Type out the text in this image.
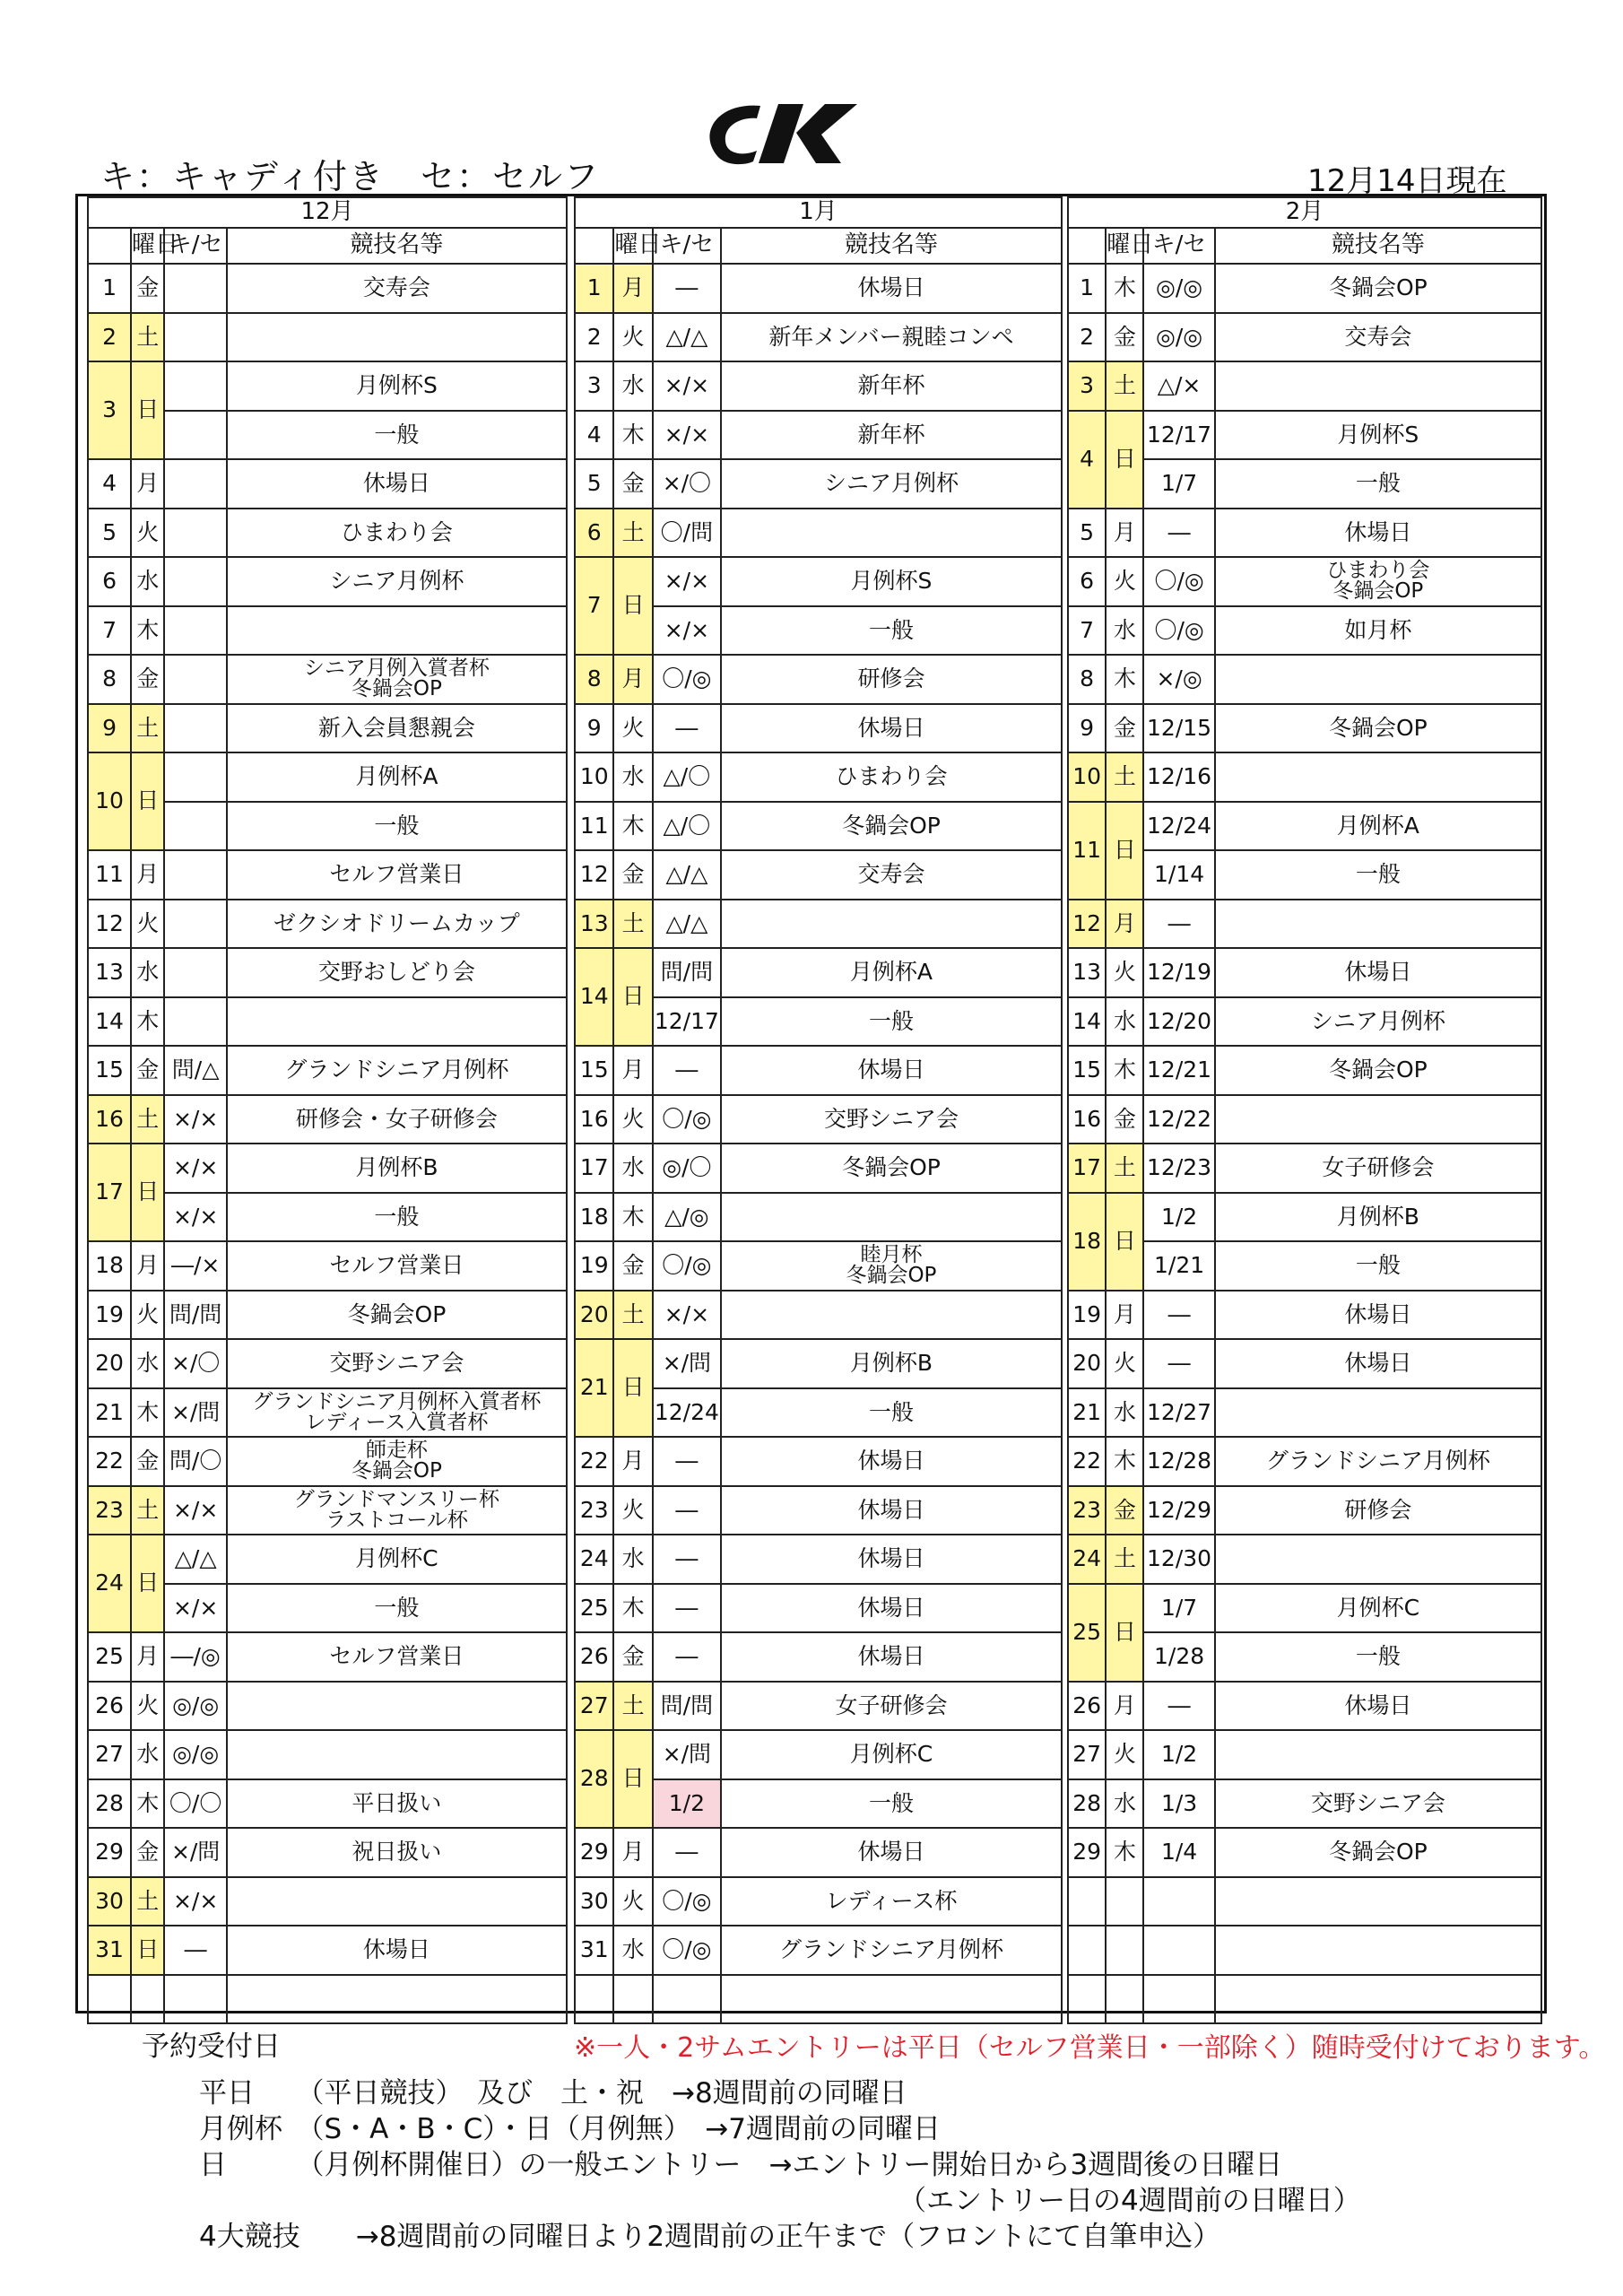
キ：キャディ付き　セ：セルフ	12月14日現在
12月			
	曜日	キ/セ	競技名等
1	金		交寿会
2	土		
3	日		月例杯S
			一般
4	月		休場日
5	火		ひまわり会
6	水		シニア月例杯
7	木		
8	金		シニア月例入賞者杯
冬鍋会OP

9	土		新入会員懇親会
10	日		月例杯A
			一般
11	月		セルフ営業日
12	火		ゼクシオドリームカップ
13	水		交野おしどり会
14	木		
15	金	問/△	グランドシニア月例杯
16	土	×/×	研修会・女子研修会
17	日	×/×	月例杯B
		×/×	一般
18	月	―/×	セルフ営業日
19	火	問/問	冬鍋会OP
20	水	×/〇	交野シニア会
21	木	×/問	グランドシニア月例杯入賞者杯
レディース入賞者杯

22	金	問/〇	師走杯
冬鍋会OP

23	土	×/×	グランドマンスリー杯
ラストコール杯

24	日	△/△	月例杯C
		×/×	一般
25	月	―/◎	セルフ営業日
26	火	◎/◎	
27	水	◎/◎	
28	木	〇/〇	平日扱い
29	金	×/問	祝日扱い
30	土	×/×	
31	日	―	休場日

1月			
	曜日	キ/セ	競技名等
1	月	―	休場日
2	火	△/△	新年メンバー親睦コンペ
3	水	×/×	新年杯
4	木	×/×	新年杯
5	金	×/〇	シニア月例杯
6	土	〇/問	
7	日	×/×	月例杯S
		×/×	一般
8	月	〇/◎	研修会
9	火	―	休場日
10	水	△/〇	ひまわり会
11	木	△/〇	冬鍋会OP
12	金	△/△	交寿会
13	土	△/△	
14	日	問/問	月例杯A
		12/17	一般
15	月	―	休場日
16	火	〇/◎	交野シニア会
17	水	◎/〇	冬鍋会OP
18	木	△/◎	
19	金	〇/◎	睦月杯
冬鍋会OP

20	土	×/×	
21	日	×/問	月例杯B
		12/24	一般
22	月	―	休場日
23	火	―	休場日
24	水	―	休場日
25	木	―	休場日
26	金	―	休場日
27	土	問/問	女子研修会
28	日	×/問	月例杯C
		1/2	一般
29	月	―	休場日
30	火	〇/◎	レディース杯
31	水	〇/◎	グランドシニア月例杯

2月			
	曜日	キ/セ	競技名等
1	木	◎/◎	冬鍋会OP
2	金	◎/◎	交寿会
3	土	△/×	
4	日	12/17	月例杯S
		1/7	一般
5	月	―	休場日
6	火	〇/◎	ひまわり会
冬鍋会OP

7	水	〇/◎	如月杯
8	木	×/◎	
9	金	12/15	冬鍋会OP
10	土	12/16	
11	日	12/24	月例杯A
		1/14	一般
12	月	―	
13	火	12/19	休場日
14	水	12/20	シニア月例杯
15	木	12/21	冬鍋会OP
16	金	12/22	
17	土	12/23	女子研修会
18	日	1/2	月例杯B
		1/21	一般
19	月	―	休場日
20	火	―	休場日
21	水	12/27	
22	木	12/28	グランドシニア月例杯
23	金	12/29	研修会
24	土	12/30	
25	日	1/7	月例杯C
		1/28	一般
26	月	―	休場日
27	火	1/2	
28	水	1/3	交野シニア会
29	木	1/4	冬鍋会OP

予約受付日	※一人・2サムエントリーは平日（セルフ営業日・一部除く）随時受付けております。
平日　　（平日競技）　及び　土・祝　→8週間前の同曜日
月例杯　（S・A・B・C）・日（月例無）　→7週間前の同曜日
日　　　（月例杯開催日）の一般エントリー　→エントリー開始日から3週間後の日曜日
（エントリー日の4週間前の日曜日）
4大競技　　→8週間前の同曜日より2週間前の正午まで（フロントにて自筆申込）
